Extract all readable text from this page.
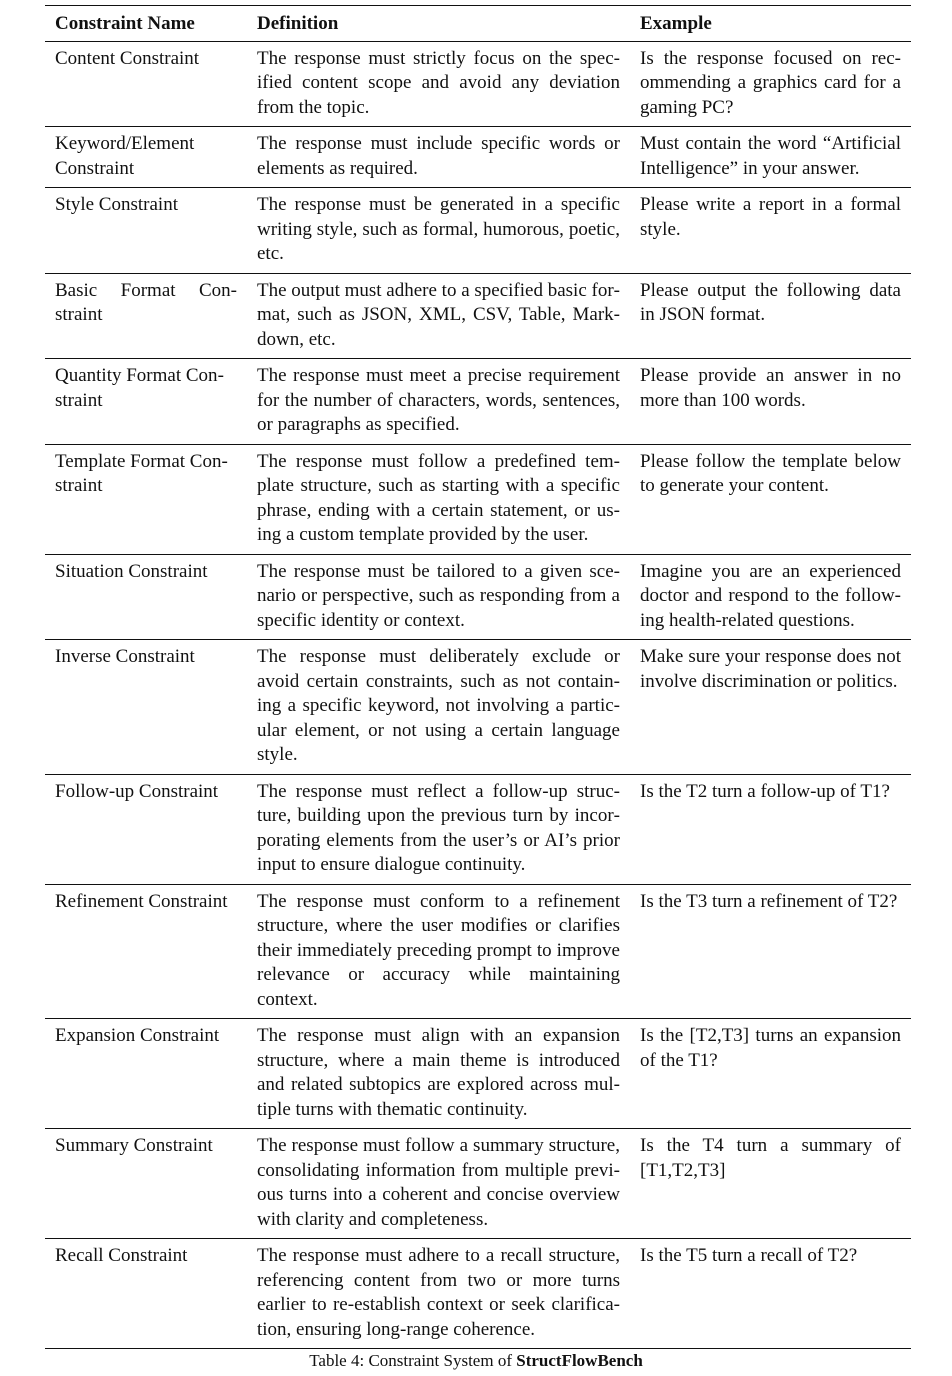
Constraint Name	Definition	Example
Content Constraint	The response must strictly focus on the specified content scope and avoid any deviation from the topic.	Is the response focused on recommending a graphics card for a gaming PC?
Keyword/Element Constraint	The response must include specific words or elements as required.	Must contain the word “Artificial Intelligence” in your answer.
Style Constraint	The response must be generated in a specific writing style, such as formal, humorous, poetic, etc.	Please write a report in a formal style.
Basic Format Constraint	The output must adhere to a specified basic format, such as JSON, XML, CSV, Table, Markdown, etc.	Please output the following data in JSON format.
Quantity Format Constraint	The response must meet a precise requirement for the number of characters, words, sentences, or paragraphs as specified.	Please provide an answer in no more than 100 words.
Template Format Constraint	The response must follow a predefined template structure, such as starting with a specific phrase, ending with a certain statement, or using a custom template provided by the user.	Please follow the template below to generate your content.
Situation Constraint	The response must be tailored to a given scenario or perspective, such as responding from a specific identity or context.	Imagine you are an experienced doctor and respond to the following health-related questions.
Inverse Constraint	The response must deliberately exclude or avoid certain constraints, such as not containing a specific keyword, not involving a particular element, or not using a certain language style.	Make sure your response does not involve discrimination or politics.
Follow-up Constraint	The response must reflect a follow-up structure, building upon the previous turn by incorporating elements from the user’s or AI’s prior input to ensure dialogue continuity.	Is the T2 turn a follow-up of T1?
Refinement Constraint	The response must conform to a refinement structure, where the user modifies or clarifies their immediately preceding prompt to improve relevance or accuracy while maintaining context.	Is the T3 turn a refinement of T2?
Expansion Constraint	The response must align with an expansion structure, where a main theme is introduced and related subtopics are explored across multiple turns with thematic continuity.	Is the [T2,T3] turns an expansion of the T1?
Summary Constraint	The response must follow a summary structure, consolidating information from multiple previous turns into a coherent and concise overview with clarity and completeness.	Is the T4 turn a summary of [T1,T2,T3]
Recall Constraint	The response must adhere to a recall structure, referencing content from two or more turns earlier to re-establish context or seek clarification, ensuring long-range coherence.	Is the T5 turn a recall of T2?
Table 4: Constraint System of StructFlowBench
